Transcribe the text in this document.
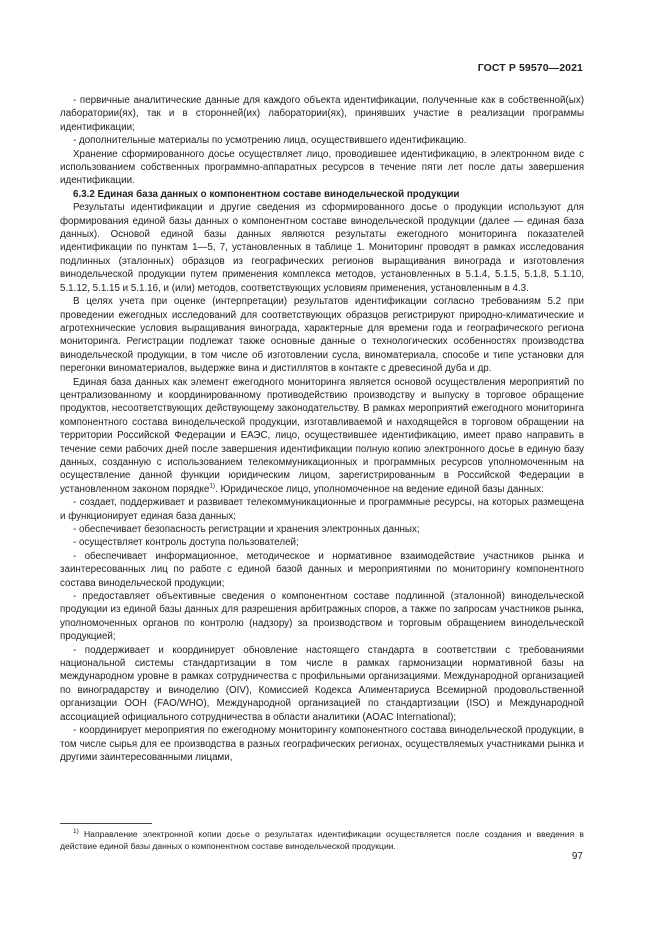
ГОСТ Р 59570—2021

- первичные аналитические данные для каждого объекта идентификации, полученные как в собственной(ых) лаборатории(ях), так и в сторонней(их) лаборатории(ях), принявших участие в реализации программы идентификации;

- дополнительные материалы по усмотрению лица, осуществившего идентификацию.

Хранение сформированного досье осуществляет лицо, проводившее идентификацию, в электронном виде с использованием собственных программно-аппаратных ресурсов в течение пяти лет после даты завершения идентификации.

6.3.2 Единая база данных о компонентном составе винодельческой продукции

Результаты идентификации и другие сведения из сформированного досье о продукции используют для формирования единой базы данных о компонентном составе винодельческой продукции (далее — единая база данных). Основой единой базы данных являются результаты ежегодного мониторинга показателей идентификации по пунктам 1—5, 7, установленных в таблице 1. Мониторинг проводят в рамках исследования подлинных (эталонных) образцов из географических регионов выращивания винограда и изготовления винодельческой продукции путем применения комплекса методов, установленных в 5.1.4, 5.1.5, 5.1.8, 5.1.10, 5.1.12, 5.1.15 и 5.1.16, и (или) методов, соответствующих условиям применения, установленным в 4.3.

В целях учета при оценке (интерпретации) результатов идентификации согласно требованиям 5.2 при проведении ежегодных исследований для соответствующих образцов регистрируют природно-климатические и агротехнические условия выращивания винограда, характерные для времени года и географического региона мониторинга. Регистрации подлежат также основные данные о технологических особенностях производства винодельческой продукции, в том числе об изготовлении сусла, виноматериала, способе и типе установки для перегонки виноматериалов, выдержке вина и дистиллятов в контакте с древесиной дуба и др.

Единая база данных как элемент ежегодного мониторинга является основой осуществления мероприятий по централизованному и координированному противодействию производству и выпуску в торговое обращение продуктов, несоответствующих действующему законодательству. В рамках мероприятий ежегодного мониторинга компонентного состава винодельческой продукции, изготавливаемой и находящейся в торговом обращении на территории Российской Федерации и ЕАЭС, лицо, осуществившее идентификацию, имеет право направить в течение семи рабочих дней после завершения идентификации полную копию электронного досье в единую базу данных, созданную с использованием телекоммуникационных и программных ресурсов уполномоченным на осуществление данной функции юридическим лицом, зарегистрированным в Российской Федерации в установленном законом порядке$^{1)}$. Юридическое лицо, уполномоченное на ведение единой базы данных:

- создает, поддерживает и развивает телекоммуникационные и программные ресурсы, на которых размещена и функционирует единая база данных;

- обеспечивает безопасность регистрации и хранения электронных данных;

- осуществляет контроль доступа пользователей;

- обеспечивает информационное, методическое и нормативное взаимодействие участников рынка и заинтересованных лиц по работе с единой базой данных и мероприятиями по мониторингу компонентного состава винодельческой продукции;

- предоставляет объективные сведения о компонентном составе подлинной (эталонной) винодельческой продукции из единой базы данных для разрешения арбитражных споров, а также по запросам участников рынка, уполномоченных органов по контролю (надзору) за производством и торговым обращением винодельческой продукцией;

- поддерживает и координирует обновление настоящего стандарта в соответствии с требованиями национальной системы стандартизации в том числе в рамках гармонизации нормативной базы на международном уровне в рамках сотрудничества с профильными организациями. Международной организацией по виноградарству и виноделию (OIV), Комиссией Кодекса Алиментариуса Всемирной продовольственной организации ООН (FAO/WHO), Международной организацией по стандартизации (ISO) и Международной ассоциацией официального сотрудничества в области аналитики (AOAC International);

- координирует мероприятия по ежегодному мониторингу компонентного состава винодельческой продукции, в том числе сырья для ее производства в разных географических регионах, осуществляемых участниками рынка и другими заинтересованными лицами,

$^{1)}$ Направление электронной копии досье о результатах идентификации осуществляется после создания и введения в действие единой базы данных о компонентном составе винодельческой продукции.

97
